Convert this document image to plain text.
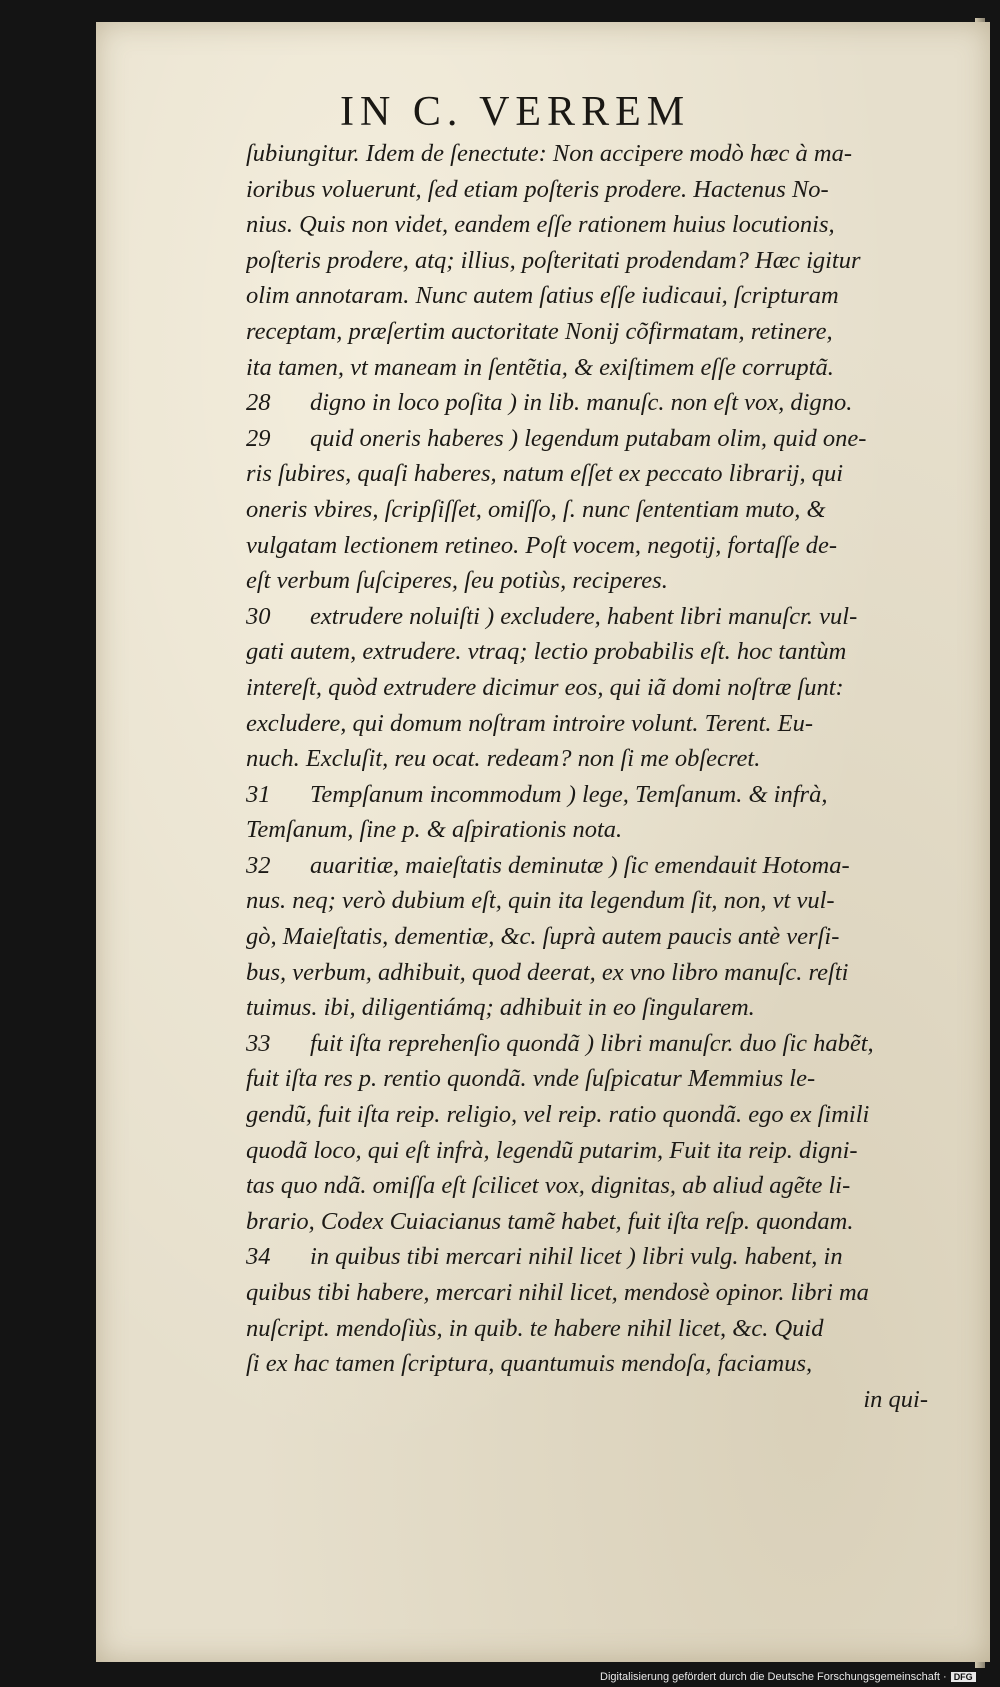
IN C. VERREM
ſubiungitur. Idem de ſenectute: Non accipere modò hæc à ma-
ioribus voluerunt, ſed etiam poſteris prodere. Hactenus No-
nius. Quis non videt, eandem eſſe rationem huius locutionis,
poſteris prodere, atq; illius, poſteritati prodendam? Hæc igitur
olim annotaram. Nunc autem ſatius eſſe iudicaui, ſcripturam
receptam, præſertim auctoritate Nonij cõfirmatam, retinere,
ita tamen, vt maneam in ſentẽtia, & exiſtimem eſſe corruptã.
28 digno in loco poſita ) in lib. manuſc. non eſt vox, digno.
29 quid oneris haberes ) legendum putabam olim, quid one-
ris ſubires, quaſi haberes, natum eſſet ex peccato librarij, qui
oneris vbires, ſcripſiſſet, omiſſo, ſ. nunc ſententiam muto, &
vulgatam lectionem retineo. Poſt vocem, negotij, fortaſſe de-
eſt verbum ſuſciperes, ſeu potiùs, reciperes.
30 extrudere noluiſti ) excludere, habent libri manuſcr. vul-
gati autem, extrudere. vtraq; lectio probabilis eſt. hoc tantùm
intereſt, quòd extrudere dicimur eos, qui iã domi noſtræ ſunt:
excludere, qui domum noſtram introire volunt. Terent. Eu-
nuch. Excluſit, reu ocat. redeam? non ſi me obſecret.
31 Tempſanum incommodum ) lege, Temſanum. & infrà,
Temſanum, ſine p. & aſpirationis nota.
32 auaritiæ, maieſtatis deminutæ ) ſic emendauit Hotoma-
nus. neq; verò dubium eſt, quin ita legendum ſit, non, vt vul-
gò, Maieſtatis, dementiæ, &c. ſuprà autem paucis antè verſi-
bus, verbum, adhibuit, quod deerat, ex vno libro manuſc. reſti
tuimus. ibi, diligentiámq; adhibuit in eo ſingularem.
33 fuit iſta reprehenſio quondã ) libri manuſcr. duo ſic habẽt,
fuit iſta res p. rentio quondã. vnde ſuſpicatur Memmius le-
gendũ, fuit iſta reip. religio, vel reip. ratio quondã. ego ex ſimili
quodã loco, qui eſt infrà, legendũ putarim, Fuit ita reip. digni-
tas quo ndã. omiſſa eſt ſcilicet vox, dignitas, ab aliud agẽte li-
brario, Codex Cuiacianus tamẽ habet, fuit iſta reſp. quondam.
34 in quibus tibi mercari nihil licet ) libri vulg. habent, in
quibus tibi habere, mercari nihil licet, mendosè opinor. libri ma
nuſcript. mendoſiùs, in quib. te habere nihil licet, &c. Quid
ſi ex hac tamen ſcriptura, quantumuis mendoſa, faciamus,
in qui-
Digitalisierung gefördert durch die Deutsche Forschungsgemeinschaft · DFG
